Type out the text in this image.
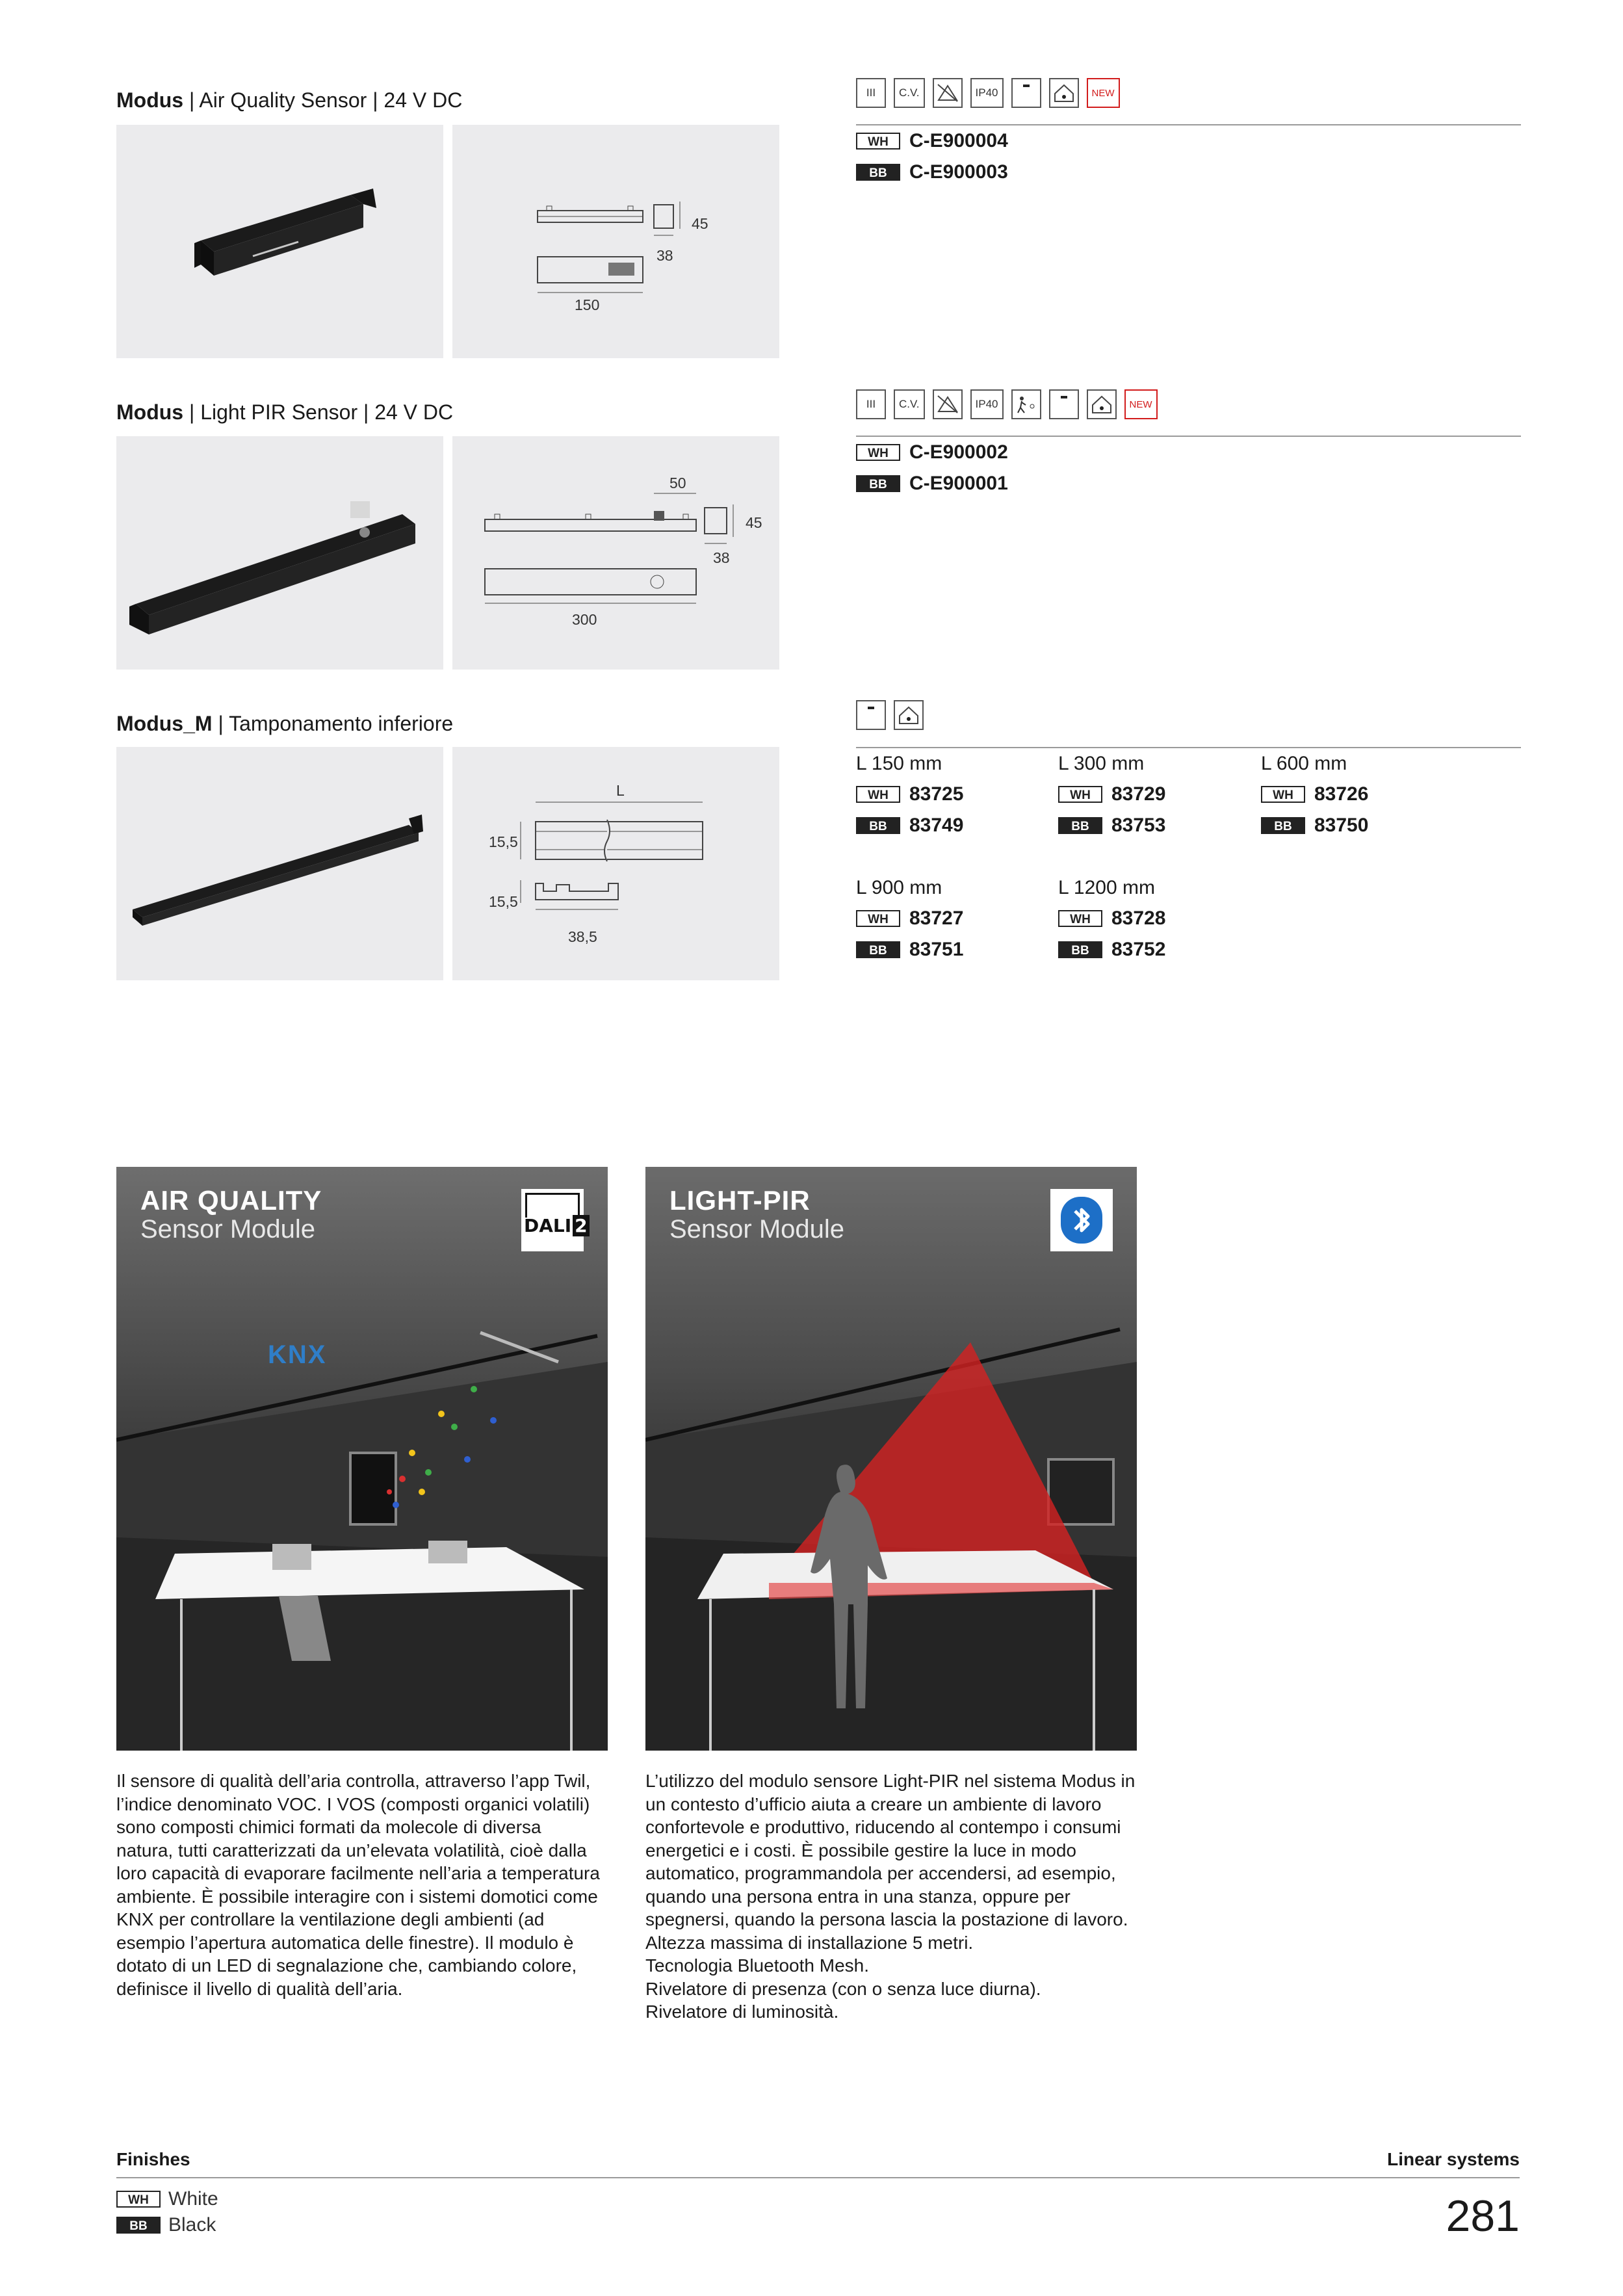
Modus | Air Quality Sensor | 24 V DC
45
38
150
III	C.V.	IP40	NEW
WH	C-E900004
BB	C-E900003
Modus | Light PIR Sensor | 24 V DC
50
45
38
300
III	C.V.	IP40	NEW
WH	C-E900002
BB	C-E900001
Modus_M | Tamponamento inferiore
L
15,5
15,5
38,5
L 150 mm
WH	83725
BB	83749
L 300 mm
WH	83729
BB	83753
L 600 mm
WH	83726
BB	83750
L 900 mm
WH	83727
BB	83751
L 1200 mm
WH	83728
BB	83752
AIR QUALITY
Sensor Module	DALI 2
KNX

Il sensore di qualità dell’aria controlla, attraverso l’app Twil, l’indice denominato VOC. I VOS (composti organici volatili) sono composti chimici formati da molecole di diversa natura, tutti caratterizzati da un’elevata volatilità, cioè dalla loro capacità di evaporare facilmente nell’aria a temperatura ambiente. È possibile interagire con i sistemi domotici come KNX per controllare la ventilazione degli ambienti (ad esempio l’apertura automatica delle finestre). Il modulo è dotato di un LED di segnalazione che, cambiando colore, definisce il livello di qualità dell’aria.

LIGHT-PIR
Sensor Module

L’utilizzo del modulo sensore Light-PIR nel sistema Modus in un contesto d’ufficio aiuta a creare un ambiente di lavoro confortevole e produttivo, riducendo al contempo i consumi energetici e i costi. È possibile gestire la luce in modo automatico, programmandola per accendersi, ad esempio, quando una persona entra in una stanza, oppure per spegnersi, quando la persona lascia la postazione di lavoro.

Altezza massima di installazione 5 metri.

Tecnologia Bluetooth Mesh.

Rivelatore di presenza (con o senza luce diurna).

Rivelatore di luminosità.

Finishes	Linear systems
WH	White
BB	Black	281
